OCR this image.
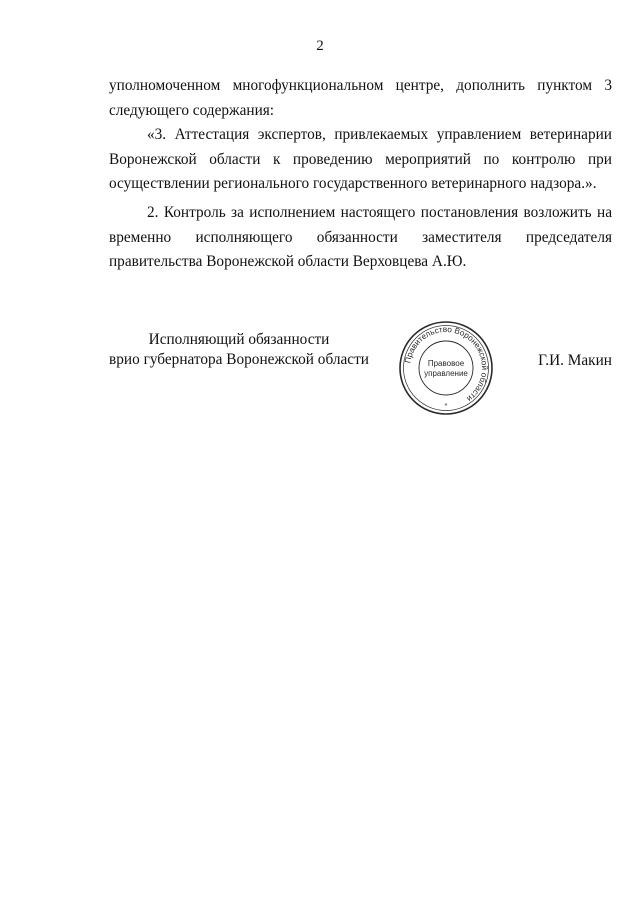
2

уполномоченном многофункциональном центре, дополнить пунктом 3

следующего содержания:

«3. Аттестация экспертов, привлекаемых управлением ветеринарии

Воронежской области к проведению мероприятий по контролю при

осуществлении регионального государственного ветеринарного надзора.».

2. Контроль за исполнением настоящего постановления возложить на

временно исполняющего обязанности заместителя председателя

правительства Воронежской области Верховцева А.Ю.

Исполняющий обязанности
врио губернатора Воронежской области	Правительство Воронежской области
Правовое
управление
*
Г.И. Макин
